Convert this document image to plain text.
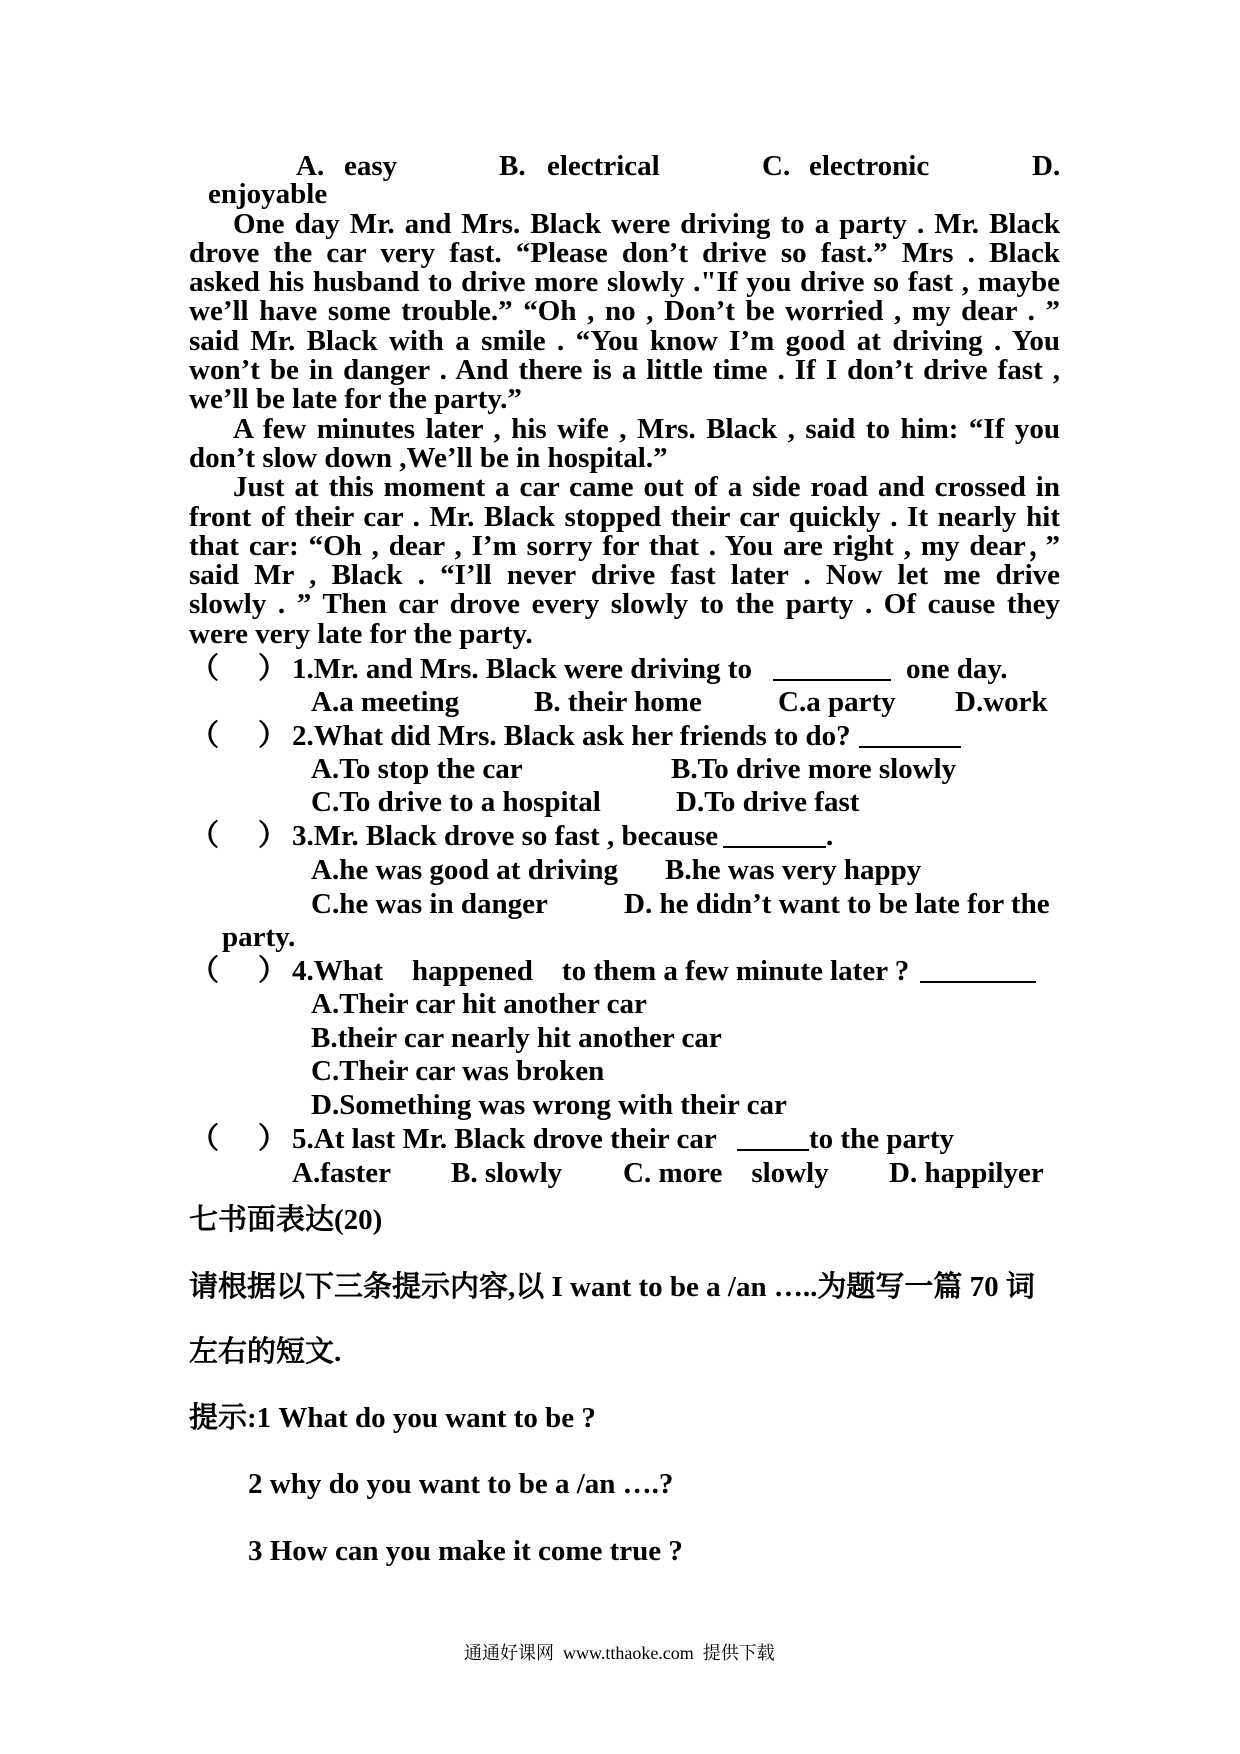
A. easy	B. electrical	C. electronic	D.
enjoyable
One day Mr. and Mrs. Black were driving to a party . Mr. Black
drove the car very fast. “Please don’t drive so fast.” Mrs . Black
asked his husband to drive more slowly ."If you drive so fast , maybe
we’ll have some trouble.” “Oh , no , Don’t be worried , my dear . ”
said Mr. Black with a smile . “You know I’m good at driving . You
won’t be in danger . And there is a little time . If I don’t drive fast ,
we’ll be late for the party.”
A few minutes later , his wife , Mrs. Black , said to him: “If you
don’t slow down ,We’ll be in hospital.”
Just at this moment a car came out of a side road and crossed in
front of their car . Mr. Black stopped their car quickly . It nearly hit
that car: “Oh , dear , I’m sorry for that . You are right , my dear，”
said Mr , Black . “I’ll never drive fast later . Now let me drive
slowly . ” Then car drove every slowly to the party . Of cause they
were very late for the party.
（ ） 1.Mr. and Mrs. Black were driving to	one day.
A.a meeting	B. their home	C.a party D.work
（ ） 2.What did Mrs. Black ask her friends to do?
A.To stop the car	B.To drive more slowly
C.To drive to a hospital	D.To drive fast
（ ） 3.Mr. Black drove so fast , because	.
A.he was good at driving B.he was very happy
C.he was in danger	D. he didn’t want to be late for the
party.
（ ） 4.What    happened    to them a few minute later ?
A.Their car hit another car
B.their car nearly hit another car
C.Their car was broken
D.Something was wrong with their car
（ ） 5.At last Mr. Black drove their car	to the party
A.faster B. slowly C. more    slowly D. happilyer
七书面表达(20)
请根据以下三条提示内容,以 I want to be a /an …..为题写一篇 70 词
左右的短文.
提示:1 What do you want to be ?
2 why do you want to be a /an ….?
3 How can you make it come true ?
通通好课网  www.tthaoke.com  提供下载
